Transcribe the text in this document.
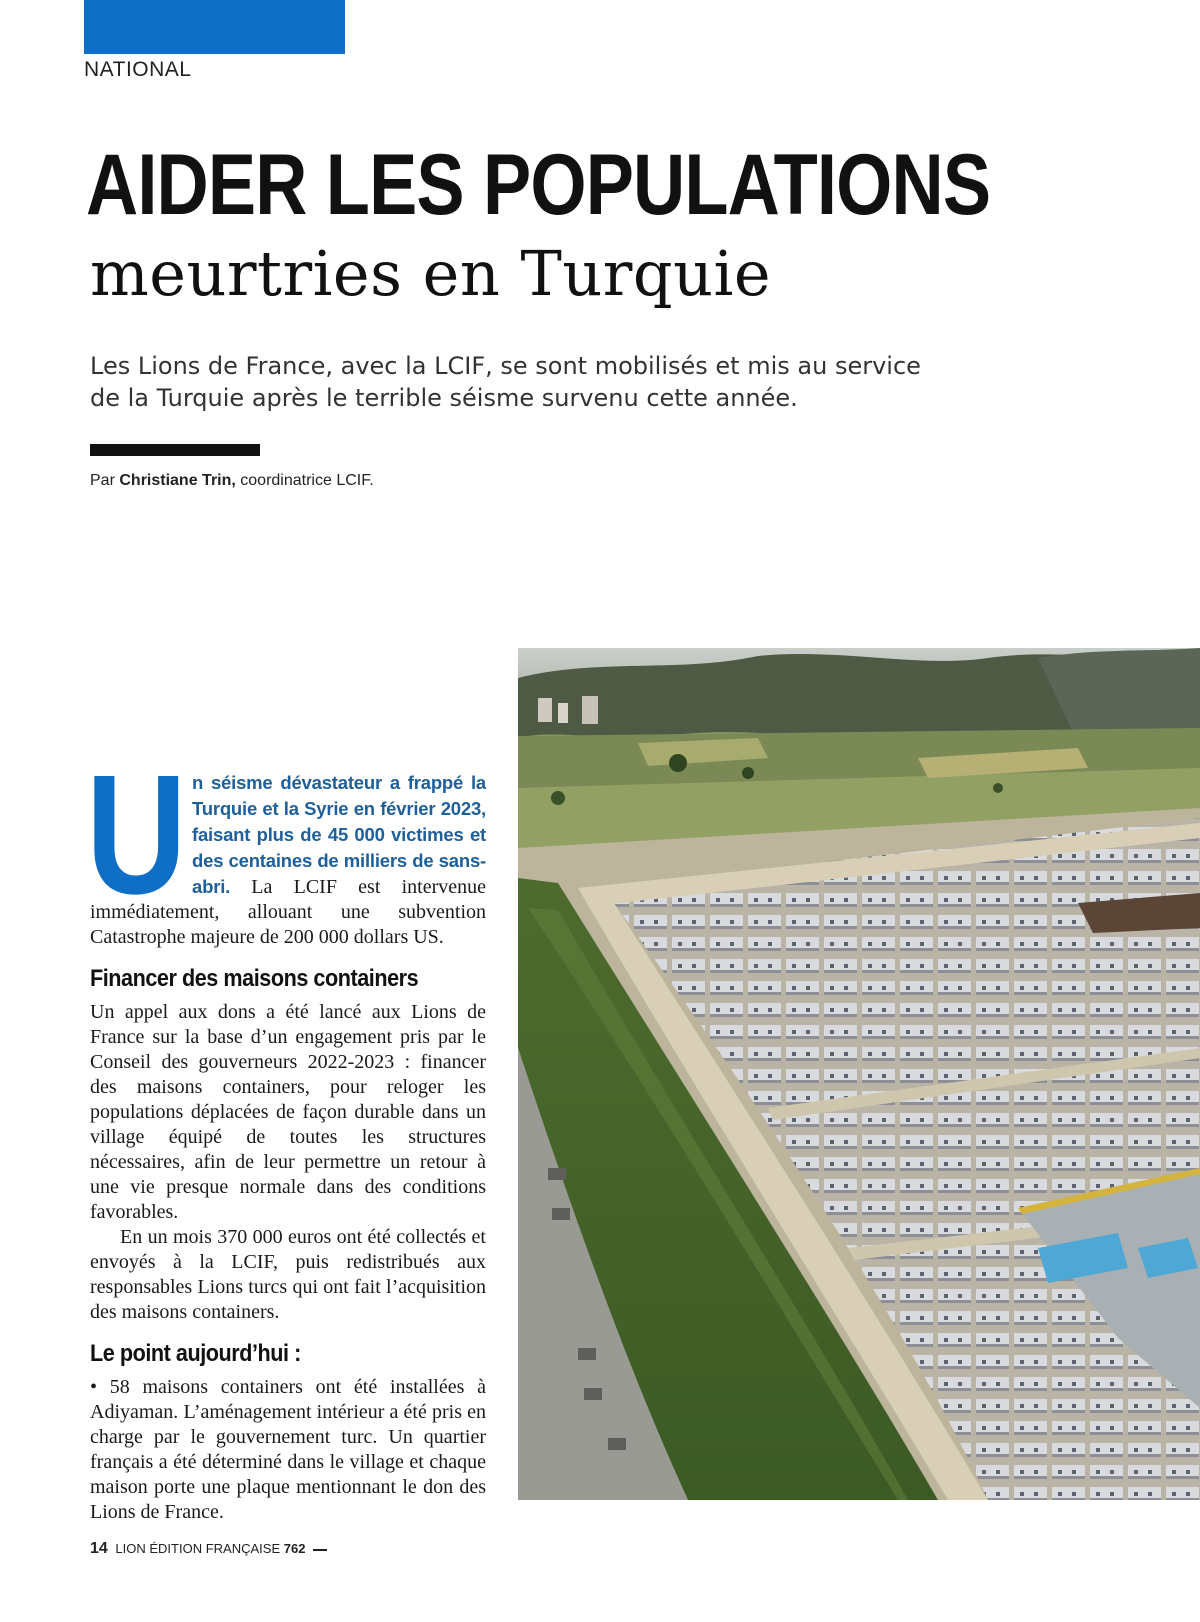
NATIONAL
AIDER LES POPULATIONS
meurtries en Turquie
Les Lions de France, avec la LCIF, se sont mobilisés et mis au service de la Turquie après le terrible séisme survenu cette année.
Par Christiane Trin, coordinatrice LCIF.
U n séisme dévastateur a frappé la Turquie et la Syrie en février 2023, faisant plus de 45 000 victimes et des centaines de milliers de sans-abri. La LCIF est intervenue immédiatement, allouant une subvention Catastrophe majeure de 200 000 dollars US.

Financer des maisons containers

Un appel aux dons a été lancé aux Lions de France sur la base d’un engagement pris par le Conseil des gouverneurs 2022-2023 : financer des maisons containers, pour reloger les populations déplacées de façon durable dans un village équipé de toutes les structures nécessaires, afin de leur permettre un retour à une vie presque normale dans des conditions favorables.

En un mois 370 000 euros ont été collectés et envoyés à la LCIF, puis redistribués aux responsables Lions turcs qui ont fait l’acquisition des maisons containers.

Le point aujourd’hui :

• 58 maisons containers ont été installées à Adiyaman. L’aménagement intérieur a été pris en charge par le gouvernement turc. Un quartier français a été déterminé dans le village et chaque maison porte une plaque mentionnant le don des Lions de France.

14 LION ÉDITION FRANÇAISE 762
